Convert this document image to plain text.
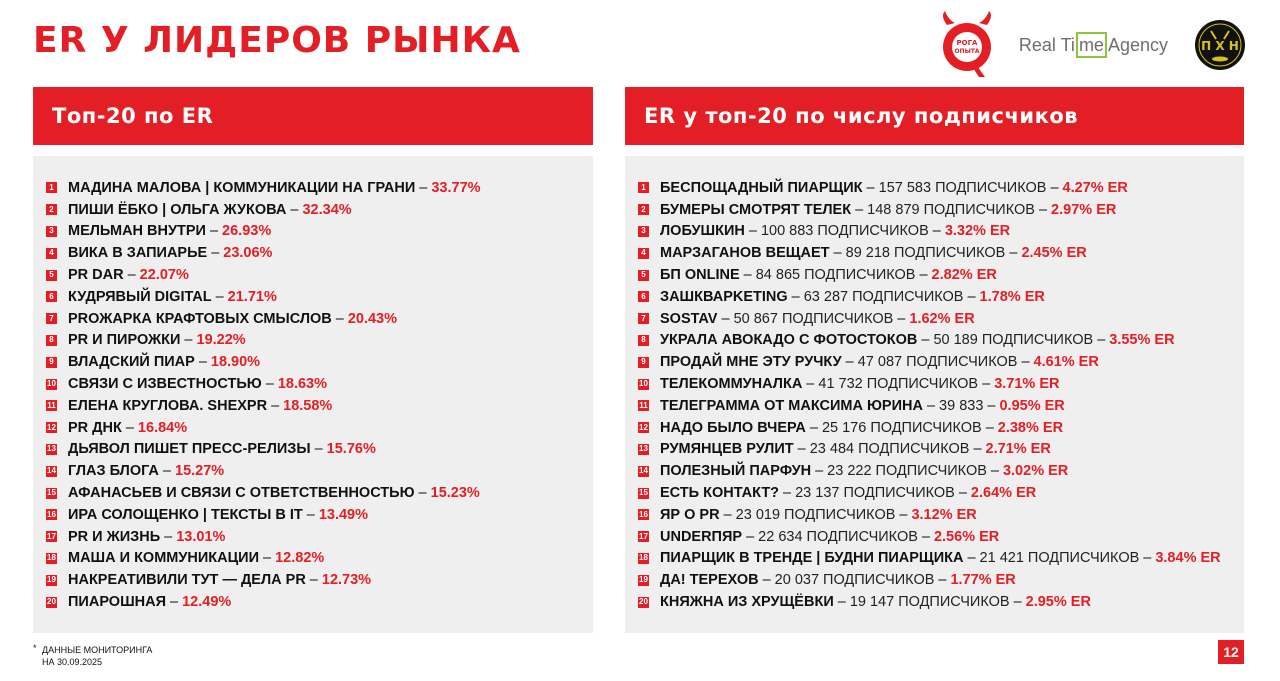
ER У ЛИДЕРОВ РЫНКА	РОГА
ОПЫТА Real Ti me Agency	П Х Н
Топ-20 по ER
1 МАДИНА МАЛОВА | КОММУНИКАЦИИ НА ГРАНИ – 33.77%
2 ПИШИ ЁБКО | ОЛЬГА ЖУКОВА – 32.34%
3 МЕЛЬМАН ВНУТРИ – 26.93%
4 ВИКА В ЗАПИАРЬЕ – 23.06%
5 PR DAR – 22.07%
6 КУДРЯВЫЙ DIGITAL – 21.71%
7 PRОЖАРКА КРАФТОВЫХ СМЫСЛОВ – 20.43%
8 PR И ПИРОЖКИ – 19.22%
9 ВЛАДСКИЙ ПИАР – 18.90%
10 СВЯЗИ С ИЗВЕСТНОСТЬЮ – 18.63%
11 ЕЛЕНА КРУГЛОВА. SHEXPR – 18.58%
12 PR ДНК – 16.84%
13 ДЬЯВОЛ ПИШЕТ ПРЕСС-РЕЛИЗЫ – 15.76%
14 ГЛАЗ БЛОГА – 15.27%
15 АФАНАСЬЕВ И СВЯЗИ С ОТВЕТСТВЕННОСТЬЮ – 15.23%
16 ИРА СОЛОЩЕНКО | ТЕКСТЫ В IT – 13.49%
17 PR И ЖИЗНЬ – 13.01%
18 МАША И КОММУНИКАЦИИ – 12.82%
19 НАКРЕАТИВИЛИ ТУТ — ДЕЛА PR – 12.73%
20 ПИАРОШНАЯ – 12.49%
ER у топ-20 по числу подписчиков
1 БЕСПОЩАДНЫЙ ПИАРЩИК – 157 583 ПОДПИСЧИКОВ – 4.27% ER
2 БУМЕРЫ СМОТРЯТ ТЕЛЕК – 148 879 ПОДПИСЧИКОВ – 2.97% ER
3 ЛОБУШКИН – 100 883 ПОДПИСЧИКОВ – 3.32% ER
4 МАРЗАГАНОВ ВЕЩАЕТ – 89 218 ПОДПИСЧИКОВ – 2.45% ER
5 БП ONLINE – 84 865 ПОДПИСЧИКОВ – 2.82% ER
6 ЗАШКВАРKETING – 63 287 ПОДПИСЧИКОВ – 1.78% ER
7 SOSTAV – 50 867 ПОДПИСЧИКОВ – 1.62% ER
8 УКРАЛА АВОКАДО С ФОТОСТОКОВ – 50 189 ПОДПИСЧИКОВ – 3.55% ER
9 ПРОДАЙ МНЕ ЭТУ РУЧКУ – 47 087 ПОДПИСЧИКОВ – 4.61% ER
10 ТЕЛЕКОММУНАЛКА – 41 732 ПОДПИСЧИКОВ – 3.71% ER
11 ТЕЛЕГРАММА ОТ МАКСИМА ЮРИНА – 39 833 – 0.95% ER
12 НАДО БЫЛО ВЧЕРА – 25 176 ПОДПИСЧИКОВ – 2.38% ER
13 РУМЯНЦЕВ РУЛИТ – 23 484 ПОДПИСЧИКОВ – 2.71% ER
14 ПОЛЕЗНЫЙ ПАРФУН – 23 222 ПОДПИСЧИКОВ – 3.02% ER
15 ЕСТЬ КОНТАКТ? – 23 137 ПОДПИСЧИКОВ – 2.64% ER
16 ЯР О PR – 23 019 ПОДПИСЧИКОВ – 3.12% ER
17 UNDERПЯР – 22 634 ПОДПИСЧИКОВ – 2.56% ER
18 ПИАРЩИК В ТРЕНДЕ | БУДНИ ПИАРЩИКА – 21 421 ПОДПИСЧИКОВ – 3.84% ER
19 ДА! ТЕРЕХОВ – 20 037 ПОДПИСЧИКОВ – 1.77% ER
20 КНЯЖНА ИЗ ХРУЩЁВКИ – 19 147 ПОДПИСЧИКОВ – 2.95% ER
* ДАННЫЕ МОНИТОРИНГА
НА 30.09.2025
12
